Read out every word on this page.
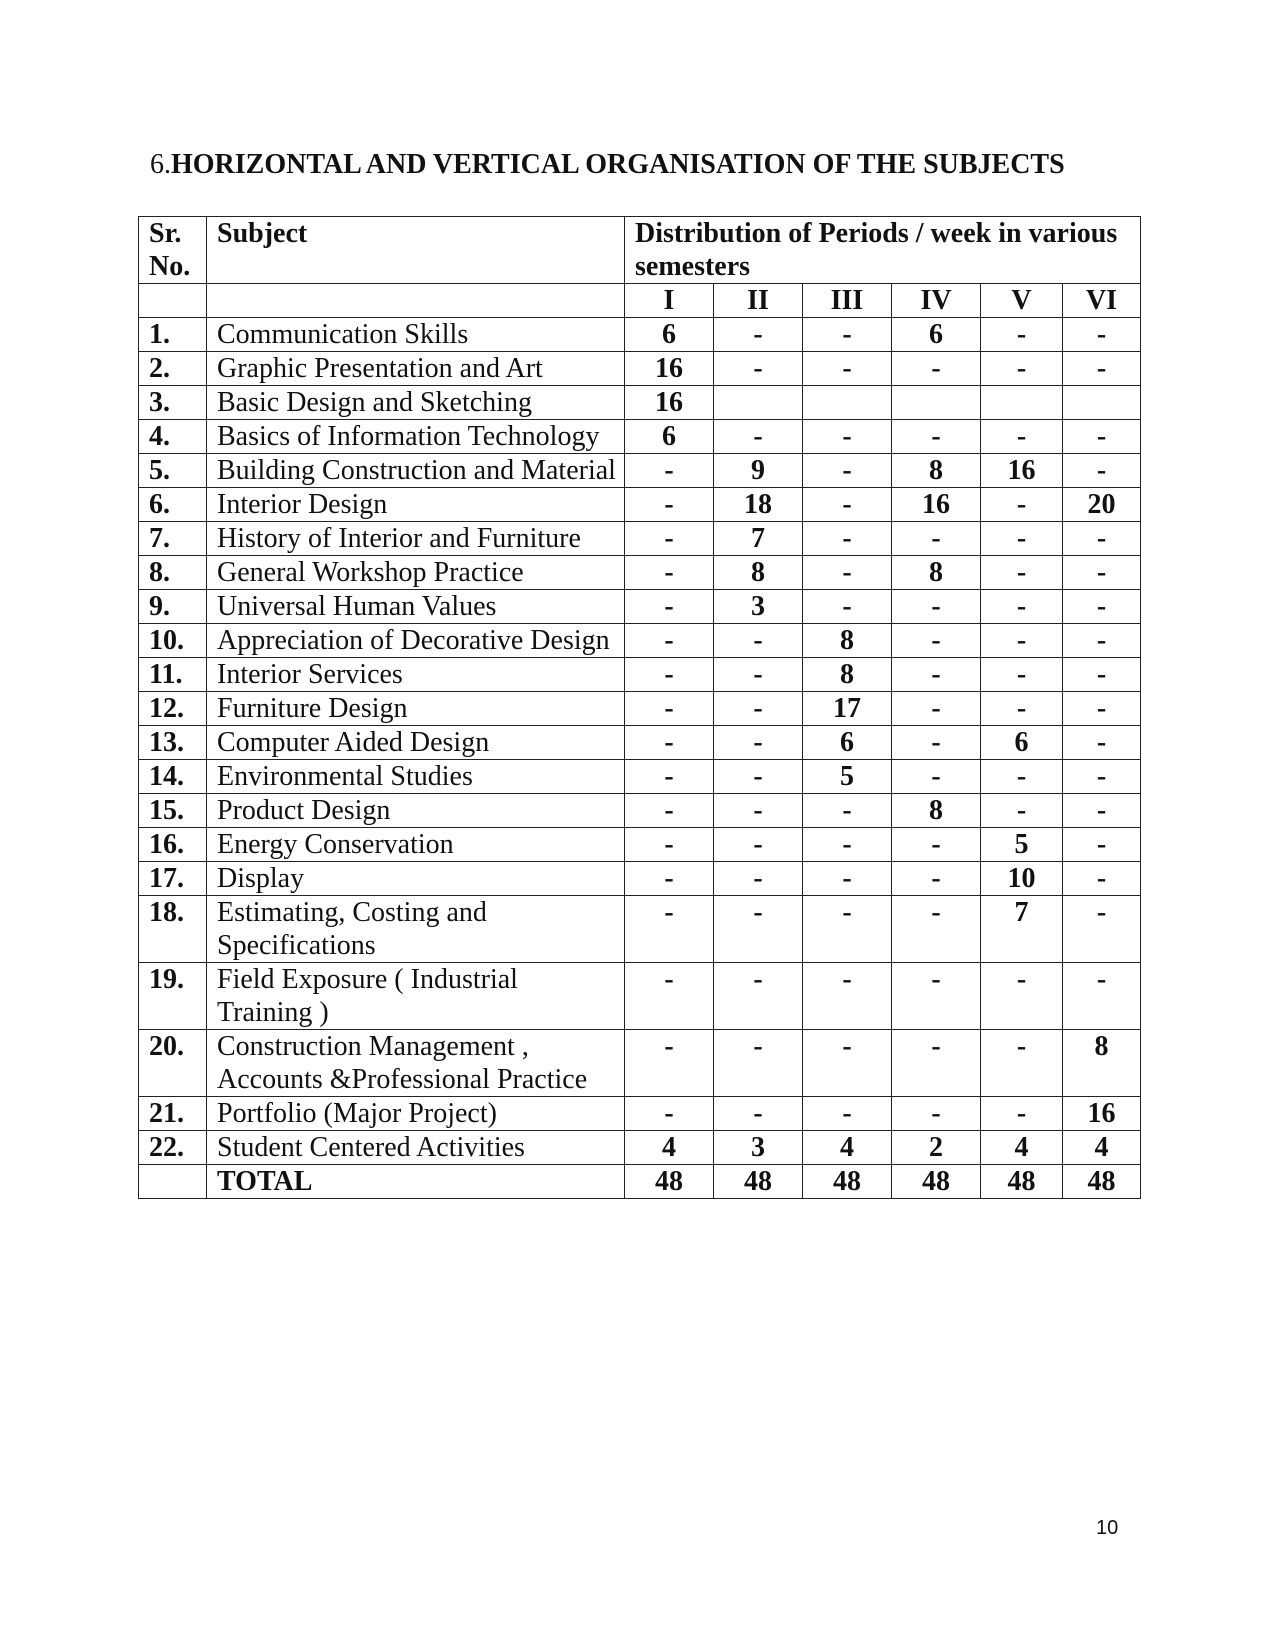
6.HORIZONTAL AND VERTICAL ORGANISATION OF THE SUBJECTS
Sr. No.	Subject	Distribution of Periods / week in various semesters					
		I	II	III	IV	V	VI
1.	Communication Skills	6	-	-	6	-	-
2.	Graphic Presentation and Art	16	-	-	-	-	-
3.	Basic Design and Sketching	16					
4.	Basics of Information Technology	6	-	-	-	-	-
5.	Building Construction and Material	-	9	-	8	16	-
6.	Interior Design	-	18	-	16	-	20
7.	History of Interior and Furniture	-	7	-	-	-	-
8.	General Workshop Practice	-	8	-	8	-	-
9.	Universal Human Values	-	3	-	-	-	-
10.	Appreciation of Decorative Design	-	-	8	-	-	-
11.	Interior Services	-	-	8	-	-	-
12.	Furniture Design	-	-	17	-	-	-
13.	Computer Aided Design	-	-	6	-	6	-
14.	Environmental Studies	-	-	5	-	-	-
15.	Product Design	-	-	-	8	-	-
16.	Energy Conservation	-	-	-	-	5	-
17.	Display	-	-	-	-	10	-
18.	Estimating, Costing and Specifications	-	-	-	-	7	-
19.	Field Exposure ( Industrial Training )	-	-	-	-	-	-
20.	Construction Management , Accounts &Professional Practice	-	-	-	-	-	8
21.	Portfolio (Major Project)	-	-	-	-	-	16
22.	Student Centered Activities	4	3	4	2	4	4
	TOTAL	48	48	48	48	48	48
10
